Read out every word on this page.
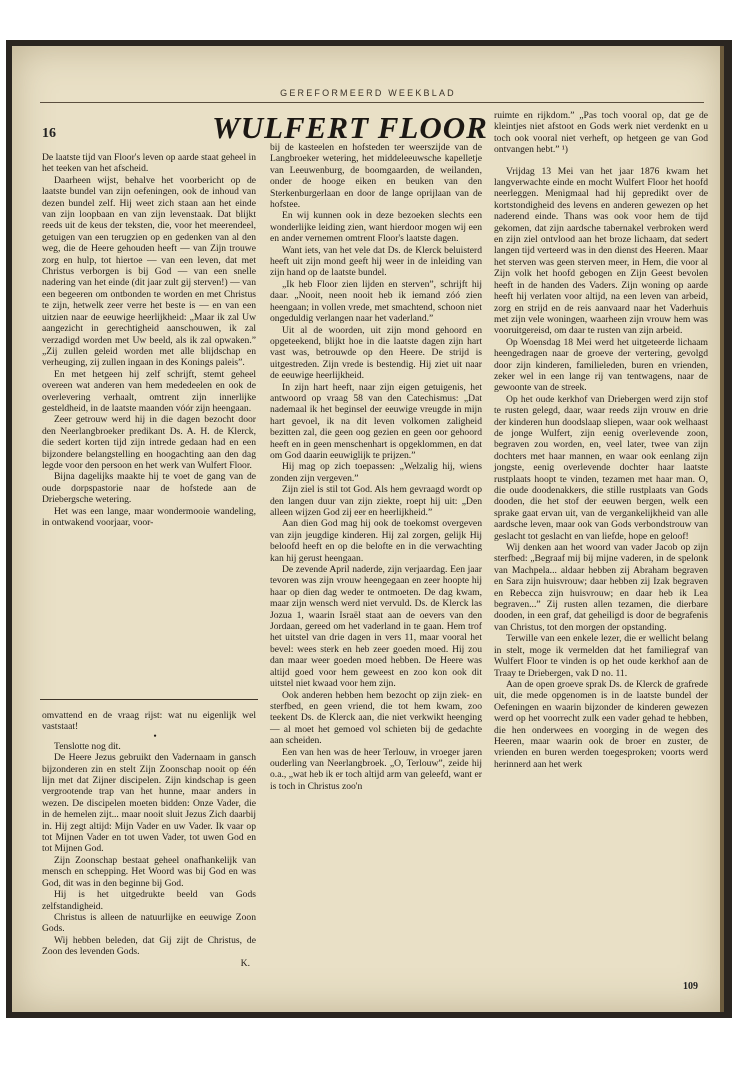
GEREFORMEERD WEEKBLAD
16	WULFERT FLOOR

De laatste tijd van Floor's leven op aarde staat geheel in het teeken van het afscheid.

Daarheen wijst, behalve het voorbericht op de laatste bundel van zijn oefeningen, ook de inhoud van dezen bundel zelf. Hij weet zich staan aan het einde van zijn loopbaan en van zijn levenstaak. Dat blijkt reeds uit de keus der teksten, die, voor het meerendeel, getuigen van een terugzien op en gedenken van al den weg, die de Heere gehouden heeft — van Zijn trouwe zorg en hulp, tot hiertoe — van een leven, dat met Christus verborgen is bij God — van een snelle nadering van het einde (dit jaar zult gij sterven!) — van een begeeren om ontbonden te worden en met Christus te zijn, hetwelk zeer verre het beste is — en van een uitzien naar de eeuwige heerlijkheid: „Maar ik zal Uw aangezicht in gerechtigheid aanschouwen, ik zal verzadigd worden met Uw beeld, als ik zal opwaken.” „Zij zullen geleid worden met alle blijdschap en verheuging, zij zullen ingaan in des Konings paleis”.

En met hetgeen hij zelf schrijft, stemt geheel overeen wat anderen van hem mededeelen en ook de overlevering verhaalt, omtrent zijn innerlijke gesteldheid, in de laatste maanden vóór zijn heengaan.

Zeer getrouw werd hij in die dagen bezocht door den Neerlangbroeker predikant Ds. A. H. de Klerck, die sedert korten tijd zijn intrede gedaan had en een bijzondere belangstelling en hoogachting aan den dag legde voor den persoon en het werk van Wulfert Floor.

Bijna dagelijks maakte hij te voet de gang van de oude dorpspastorie naar de hofstede aan de Driebergsche wetering.

Het was een lange, maar wondermooie wandeling, in ontwakend voorjaar, voor-

omvattend en de vraag rijst: wat nu eigenlijk wel vaststaat!

•

Tenslotte nog dit.

De Heere Jezus gebruikt den Vadernaam in gansch bijzonderen zin en stelt Zijn Zoonschap nooit op één lijn met dat Zijner discipelen. Zijn kindschap is geen vergrootende trap van het hunne, maar anders in wezen. De discipelen moeten bidden: Onze Vader, die in de hemelen zijt... maar nooit sluit Jezus Zich daarbij in. Hij zegt altijd: Mijn Vader en uw Vader. Ik vaar op tot Mijnen Vader en tot uwen Vader, tot uwen God en tot Mijnen God.

Zijn Zoonschap bestaat geheel onafhankelijk van mensch en schepping. Het Woord was bij God en was God, dit was in den beginne bij God.

Hij is het uitgedrukte beeld van Gods zelfstandigheid.

Christus is alleen de natuurlijke en eeuwige Zoon Gods.

Wij hebben beleden, dat Gij zijt de Christus, de Zoon des levenden Gods.

K.

bij de kasteelen en hofsteden ter weerszijde van de Langbroeker wetering, het middeleeuwsche kapelletje van Leeuwenburg, de boomgaarden, de weilanden, onder de hooge eiken en beuken van den Sterkenburgerlaan en door de lange oprijlaan van de hofstee.

En wij kunnen ook in deze bezoeken slechts een wonderlijke leiding zien, want hierdoor mogen wij een en ander vernemen omtrent Floor's laatste dagen.

Want iets, van het vele dat Ds. de Klerck beluisterd heeft uit zijn mond geeft hij weer in de inleiding van zijn hand op de laatste bundel.

„Ik heb Floor zien lijden en sterven”, schrijft hij daar. „Nooit, neen nooit heb ik iemand zóó zien heengaan; in vollen vrede, met smachtend, schoon niet ongeduldig verlangen naar het vaderland.”

Uit al de woorden, uit zijn mond gehoord en opgeteekend, blijkt hoe in die laatste dagen zijn hart vast was, betrouwde op den Heere. De strijd is uitgestreden. Zijn vrede is bestendig. Hij ziet uit naar de eeuwige heerlijkheid.

In zijn hart heeft, naar zijn eigen getuigenis, het antwoord op vraag 58 van den Catechismus: „Dat nademaal ik het beginsel der eeuwige vreugde in mijn hart gevoel, ik na dit leven volkomen zaligheid bezitten zal, die geen oog gezien en geen oor gehoord heeft en in geen menschenhart is opgeklommen, en dat om God daarin eeuwiglijk te prijzen.”

Hij mag op zich toepassen: „Welzalig hij, wiens zonden zijn vergeven.”

Zijn ziel is stil tot God. Als hem gevraagd wordt op den langen duur van zijn ziekte, roept hij uit: „Den alleen wijzen God zij eer en heerlijkheid.”

Aan dien God mag hij ook de toekomst overgeven van zijn jeugdige kinderen. Hij zal zorgen, gelijk Hij beloofd heeft en op die belofte en in die verwachting kan hij gerust heengaan.

De zevende April naderde, zijn verjaardag. Een jaar tevoren was zijn vrouw heengegaan en zeer hoopte hij haar op dien dag weder te ontmoeten. De dag kwam, maar zijn wensch werd niet vervuld. Ds. de Klerck las Jozua 1, waarin Israël staat aan de oevers van den Jordaan, gereed om het vaderland in te gaan. Hem trof het uitstel van drie dagen in vers 11, maar vooral het bevel: wees sterk en heb zeer goeden moed. Hij zou dan maar weer goeden moed hebben. De Heere was altijd goed voor hem geweest en zoo kon ook dit uitstel niet kwaad voor hem zijn.

Ook anderen hebben hem bezocht op zijn ziek- en sterfbed, en geen vriend, die tot hem kwam, zoo teekent Ds. de Klerck aan, die niet verkwikt heenging — al moet het gemoed vol schieten bij de gedachte aan scheiden.

Een van hen was de heer Terlouw, in vroeger jaren ouderling van Neerlangbroek. „O, Terlouw”, zeide hij o.a., „wat heb ik er toch altijd arm van geleefd, want er is toch in Christus zoo'n

ruimte en rijkdom.” „Pas toch vooral op, dat ge de kleintjes niet afstoot en Gods werk niet verdenkt en u toch ook vooral niet verheft, op hetgeen ge van God ontvangen hebt.” ¹)

Vrijdag 13 Mei van het jaar 1876 kwam het langverwachte einde en mocht Wulfert Floor het hoofd neerleggen. Menigmaal had hij gepredikt over de kortstondigheid des levens en anderen gewezen op het naderend einde. Thans was ook voor hem de tijd gekomen, dat zijn aardsche tabernakel verbroken werd en zijn ziel ontvlood aan het broze lichaam, dat sedert langen tijd verteerd was in den dienst des Heeren. Maar het sterven was geen sterven meer, in Hem, die voor al Zijn volk het hoofd gebogen en Zijn Geest bevolen heeft in de handen des Vaders. Zijn woning op aarde heeft hij verlaten voor altijd, na een leven van arbeid, zorg en strijd en de reis aanvaard naar het Vaderhuis met zijn vele woningen, waarheen zijn vrouw hem was vooruitgereisd, om daar te rusten van zijn arbeid.

Op Woensdag 18 Mei werd het uitgeteerde lichaam heengedragen naar de groeve der vertering, gevolgd door zijn kinderen, familieleden, buren en vrienden, zeker wel in een lange rij van tentwagens, naar de gewoonte van de streek.

Op het oude kerkhof van Driebergen werd zijn stof te rusten gelegd, daar, waar reeds zijn vrouw en drie der kinderen hun doodslaap sliepen, waar ook welhaast de jonge Wulfert, zijn eenig overlevende zoon, begraven zou worden, en, veel later, twee van zijn dochters met haar mannen, en waar ook eenlang zijn jongste, eenig overlevende dochter haar laatste rustplaats hoopt te vinden, tezamen met haar man. O, die oude doodenakkers, die stille rustplaats van Gods dooden, die het stof der eeuwen bergen, welk een sprake gaat ervan uit, van de vergankelijkheid van alle aardsche leven, maar ook van Gods verbondstrouw van geslacht tot geslacht en van liefde, hope en geloof!

Wij denken aan het woord van vader Jacob op zijn sterfbed: „Begraaf mij bij mijne vaderen, in de spelonk van Machpela... aldaar hebben zij Abraham begraven en Sara zijn huisvrouw; daar hebben zij Izak begraven en Rebecca zijn huisvrouw; en daar heb ik Lea begraven...” Zij rusten allen tezamen, die dierbare dooden, in een graf, dat geheiligd is door de begrafenis van Christus, tot den morgen der opstanding.

Terwille van een enkele lezer, die er wellicht belang in stelt, moge ik vermelden dat het familiegraf van Wulfert Floor te vinden is op het oude kerkhof aan de Traay te Driebergen, vak D no. 11.

Aan de open groeve sprak Ds. de Klerck de grafrede uit, die mede opgenomen is in de laatste bundel der Oefeningen en waarin bijzonder de kinderen gewezen werd op het voorrecht zulk een vader gehad te hebben, die hen onderwees en voorging in de wegen des Heeren, maar waarin ook de broer en zuster, de vrienden en buren werden toegesproken; voorts werd herinnerd aan het werk

109
